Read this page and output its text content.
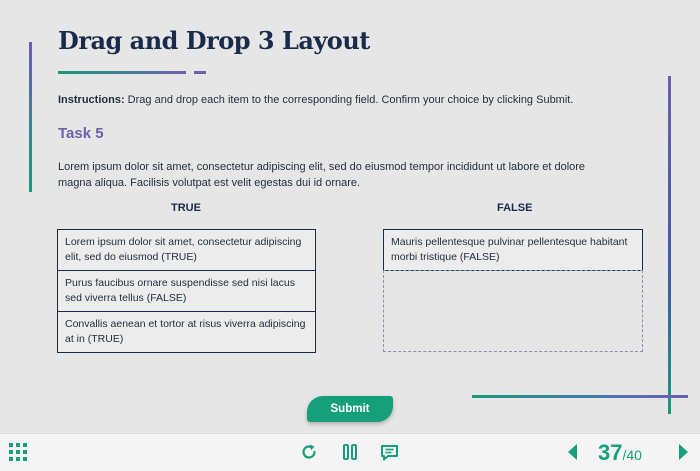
Drag and Drop 3 Layout
Instructions: Drag and drop each item to the corresponding field. Confirm your choice by clicking Submit.
Task 5
Lorem ipsum dolor sit amet, consectetur adipiscing elit, sed do eiusmod tempor incididunt ut labore et dolore magna aliqua. Facilisis volutpat est velit egestas dui id ornare.
TRUE	FALSE
Lorem ipsum dolor sit amet, consectetur adipiscing elit, sed do eiusmod (TRUE)
Purus faucibus ornare suspendisse sed nisi lacus sed viverra tellus (FALSE)
Convallis aenean et tortor at risus viverra adipiscing at in (TRUE)
Mauris pellentesque pulvinar pellentesque habitant morbi tristique (FALSE)
Submit
37/40
